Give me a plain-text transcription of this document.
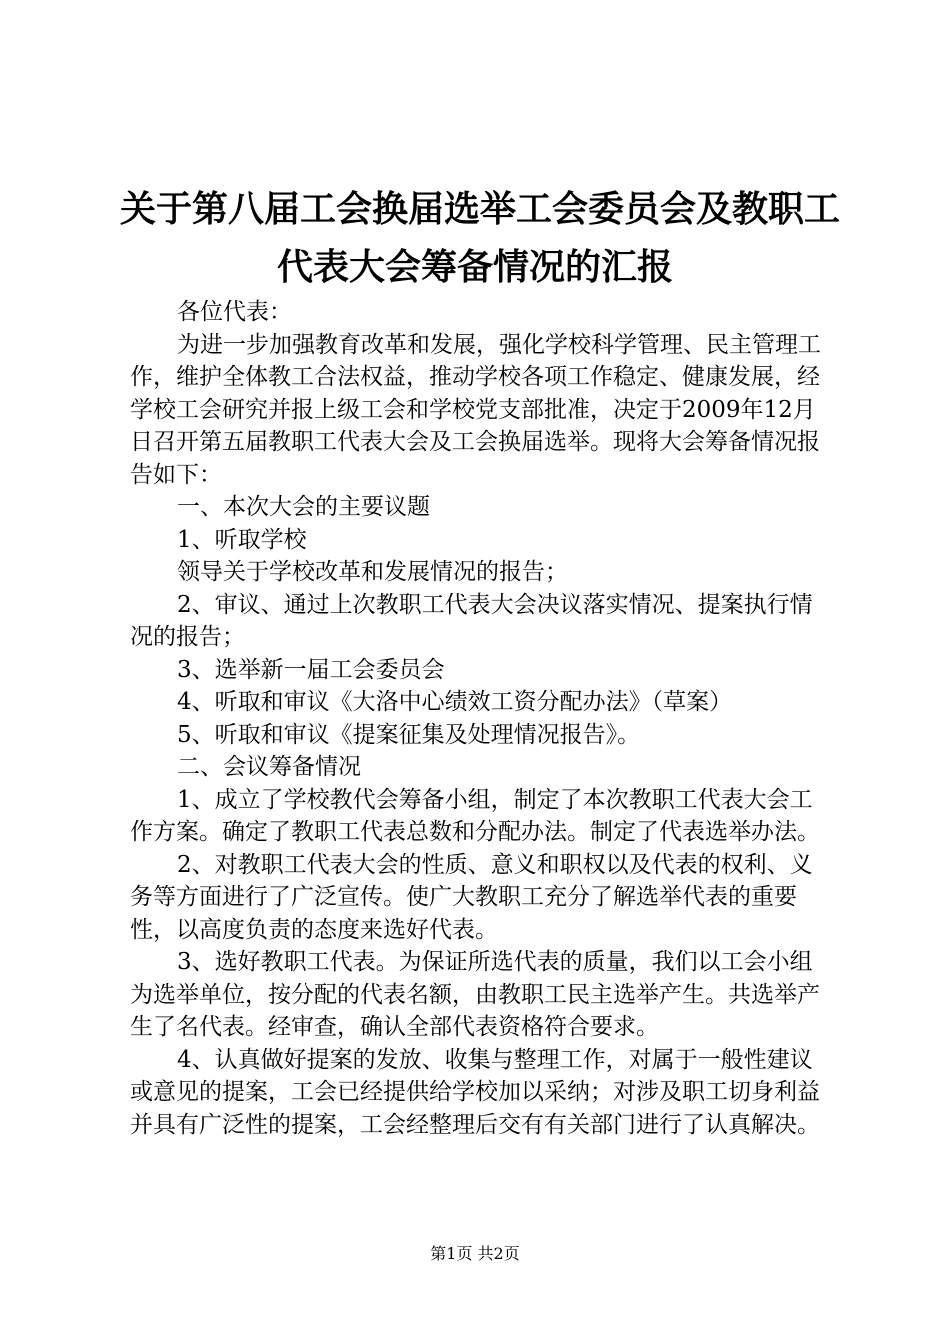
关于第八届工会换届选举工会委员会及教职工
代表大会筹备情况的汇报

各位代表：

为进一步加强教育改革和发展，强化学校科学管理、民主管理工作，维护全体教工合法权益，推动学校各项工作稳定、健康发展，经学校工会研究并报上级工会和学校党支部批准，决定于2009年12月日召开第五届教职工代表大会及工会换届选举。现将大会筹备情况报告如下：

一、本次大会的主要议题

1、听取学校

领导关于学校改革和发展情况的报告；

2、审议、通过上次教职工代表大会决议落实情况、提案执行情况的报告；

3、选举新一届工会委员会

4、听取和审议《大洛中心绩效工资分配办法》（草案）

5、听取和审议《提案征集及处理情况报告》。

二、会议筹备情况

1、成立了学校教代会筹备小组，制定了本次教职工代表大会工作方案。确定了教职工代表总数和分配办法。制定了代表选举办法。

2、对教职工代表大会的性质、意义和职权以及代表的权利、义务等方面进行了广泛宣传。使广大教职工充分了解选举代表的重要性，以高度负责的态度来选好代表。

3、选好教职工代表。为保证所选代表的质量，我们以工会小组为选举单位，按分配的代表名额，由教职工民主选举产生。共选举产生了名代表。经审查，确认全部代表资格符合要求。

4、认真做好提案的发放、收集与整理工作，对属于一般性建议或意见的提案，工会已经提供给学校加以采纳；对涉及职工切身利益并具有广泛性的提案，工会经整理后交有有关部门进行了认真解决。

第1页 共2页
